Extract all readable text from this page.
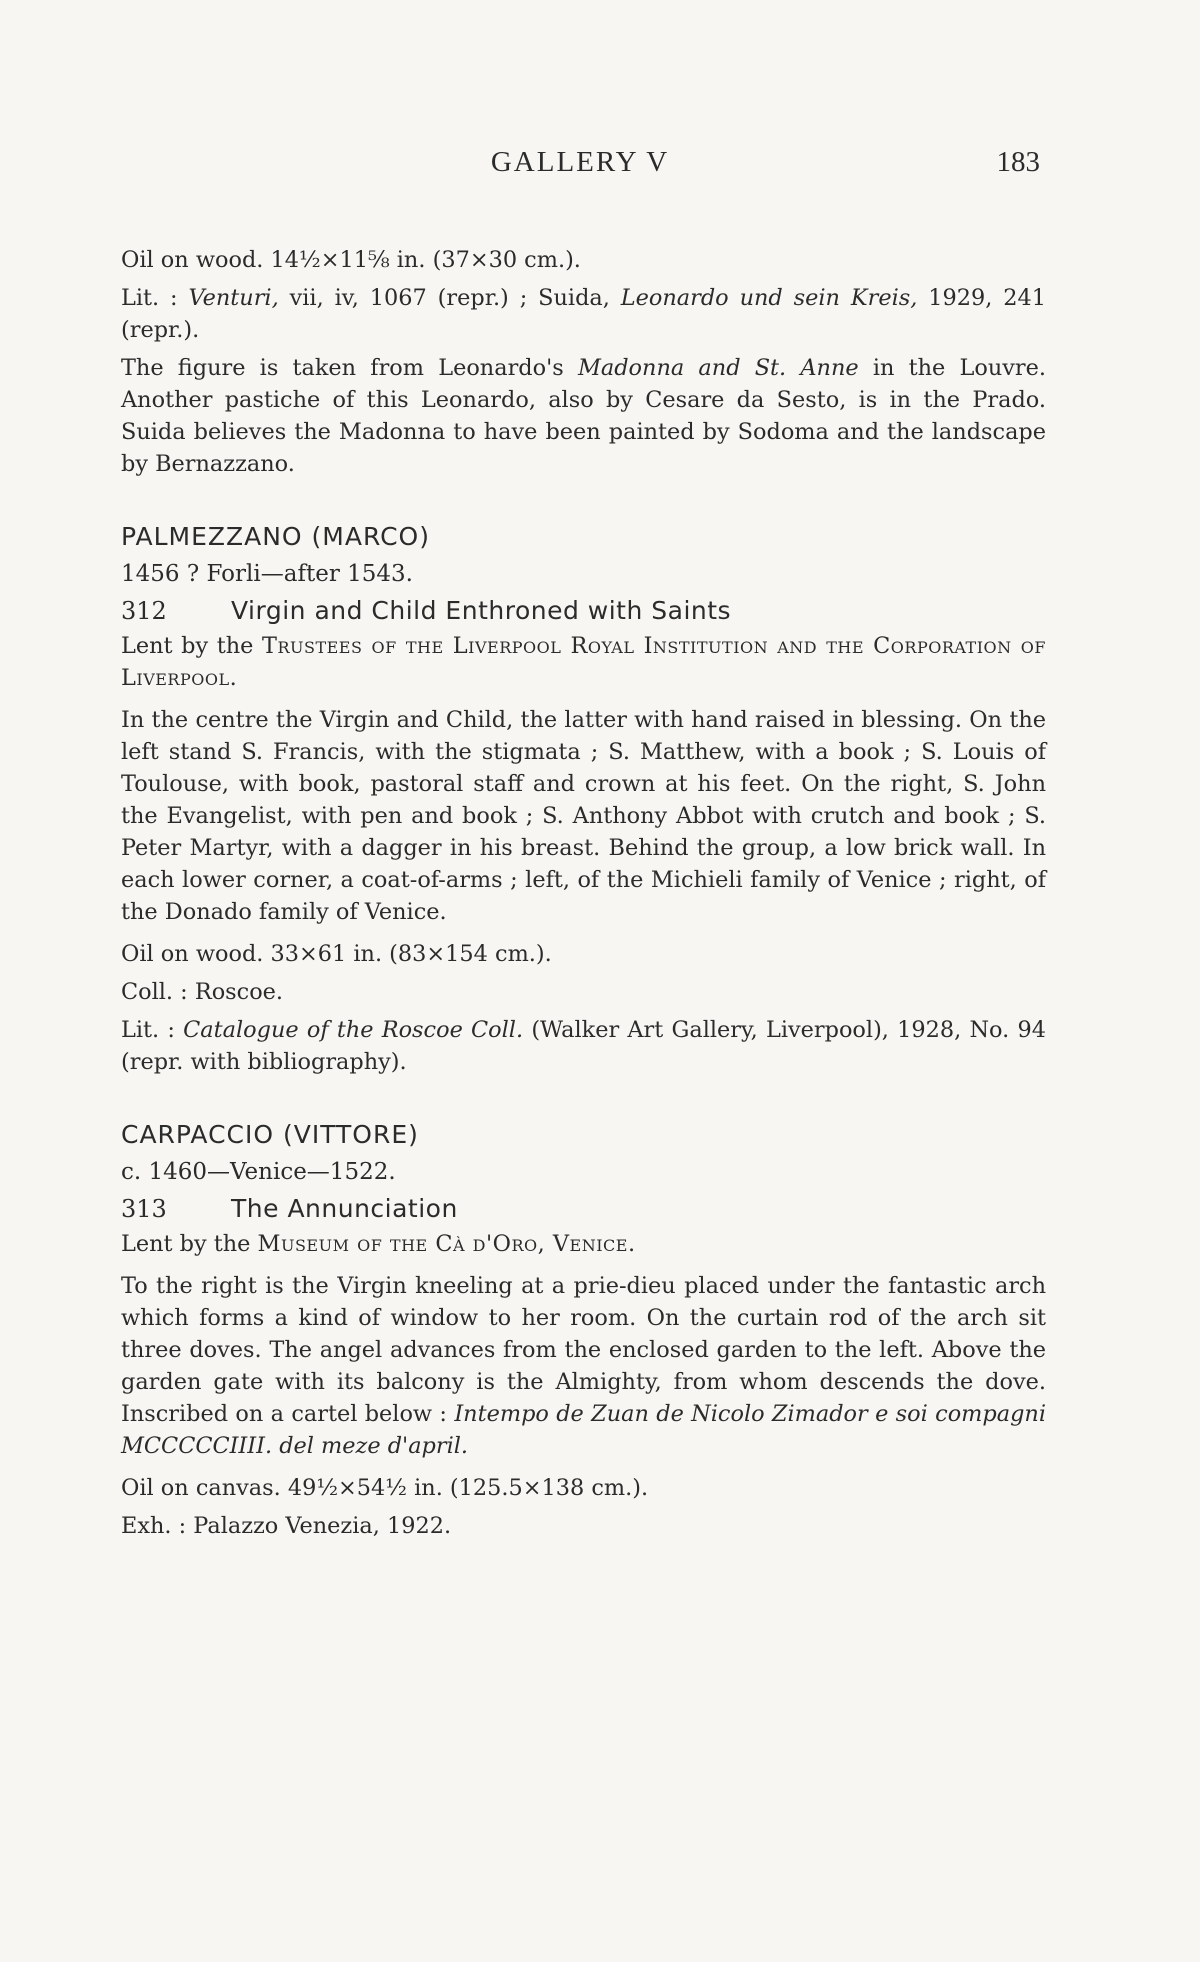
GALLERY V	183

Oil on wood. 14½×11⅝ in. (37×30 cm.).

Lit. : Venturi, vii, iv, 1067 (repr.) ; Suida, Leonardo und sein Kreis, 1929, 241 (repr.).

The figure is taken from Leonardo's Madonna and St. Anne in the Louvre. Another pastiche of this Leonardo, also by Cesare da Sesto, is in the Prado. Suida believes the Madonna to have been painted by Sodoma and the landscape by Bernazzano.

PALMEZZANO (MARCO)

1456 ? Forli—after 1543.

312	Virgin and Child Enthroned with Saints

Lent by the Trustees of the Liverpool Royal Institution and the Corporation of Liverpool.

In the centre the Virgin and Child, the latter with hand raised in blessing. On the left stand S. Francis, with the stigmata ; S. Matthew, with a book ; S. Louis of Toulouse, with book, pastoral staff and crown at his feet. On the right, S. John the Evangelist, with pen and book ; S. Anthony Abbot with crutch and book ; S. Peter Martyr, with a dagger in his breast. Behind the group, a low brick wall. In each lower corner, a coat-of-arms ; left, of the Michieli family of Venice ; right, of the Donado family of Venice.

Oil on wood. 33×61 in. (83×154 cm.).

Coll. : Roscoe.

Lit. : Catalogue of the Roscoe Coll. (Walker Art Gallery, Liverpool), 1928, No. 94 (repr. with bibliography).

CARPACCIO (VITTORE)

c. 1460—Venice—1522.

313	The Annunciation

Lent by the Museum of the Cà d'Oro, Venice.

To the right is the Virgin kneeling at a prie-dieu placed under the fantastic arch which forms a kind of window to her room. On the curtain rod of the arch sit three doves. The angel advances from the enclosed garden to the left. Above the garden gate with its balcony is the Almighty, from whom descends the dove. Inscribed on a cartel below : Intempo de Zuan de Nicolo Zimador e soi compagni MCCCCCIIII. del meze d'april.

Oil on canvas. 49½×54½ in. (125.5×138 cm.).

Exh. : Palazzo Venezia, 1922.
